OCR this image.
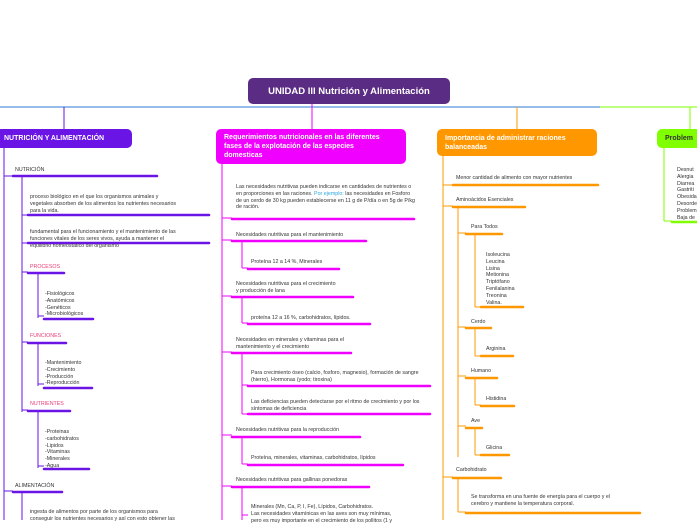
UNIDAD lll Nutrición y Alimentación
NUTRICIÓN Y ALIMENTACIÓN
NUTRICIÓN
proceso biológico en el que los organismos animales y
vegetales absorben de los alimentos los nutrientes necesarios
para la vida.
fundamental para el funcionamiento y el mantenimiento de las
funciones vitales de los seres vivos, ayuda a mantener el
equilibrio homeostático del organismo
PROCESOS
-Fisiológicos
-Anatómicos
-Genéticos
-Microbiológicos
FUNCIONES
-Mantenimiento
-Crecimiento
-Producción
-Reproducción
NUTRIENTES
-Proteinas
-carbohidratos
-Lipidos
-Vitaminas
-Minerales
-Agua
ALIMENTACIÓN
ingesta de alimentos por parte de los organismos para
conseguir los nutrientes necesarios y así con esto obtener las
Requerimientos nutricionales en las diferentes fases de la explotación de las especies domesticas
Las necesidades nutritivas pueden indicarse en cantidades de nutrientes o en proporciones en las raciones. Por ejemplo: las necesidades en Fosforo de un cerdo de 30 kg pueden establecerse en 11 g de P/día o en 5g de P/kg de ración.
Necesidades nutritivas para el mantenimiento
Proteína 12 a 14 %, Minerales
Necesidades nutritivas para el crecimiento y producción de lana
proteína 12 a 16 %, carbohidratos, lípidos.
Necesidades en minerales y vitaminas para el mantenimiento y el crecimiento
Para crecimiento óseo (calcio, fosforo, magnesio), formación de sangre (hierro), Hormonas (yodo; tiroxina)
Las deficiencias pueden detectarse por el ritmo de crecimiento y por los síntomas de deficiencia
Necesidades nutritivas para la reproducción
Proteína, minerales, vitaminas, carbohidratos, lípidos
Necesidades nutritivas para gallinas ponedoras
Minerales (Mn, Ca, P, I, Fe), Lípidos, Carbohidratos.
Las necesidades vitamínicas en las aves son muy mínimas,
pero es muy importante en el crecimiento de los pollitos (1 y
Importancia de administrar raciones balanceadas
Menor cantidad de alimento con mayor nutrientes
Aminoácidos Esenciales
Para Todos
Isoleucina
Leucina
Lisina
Metionina
Triptófano
Fenilalanina
Treonina
Valina.
Cerdo
Arginina
Humano
Histidina
Ave
Glicina
Carbohidrato
Se transforma en una fuente de energía para el cuerpo y el
cerebro y mantiene la temperatura corporal.
Problem
Desnut
Alergia
Diarrea
Gastriti
Obesida
Desorde
Problem
Baja de
